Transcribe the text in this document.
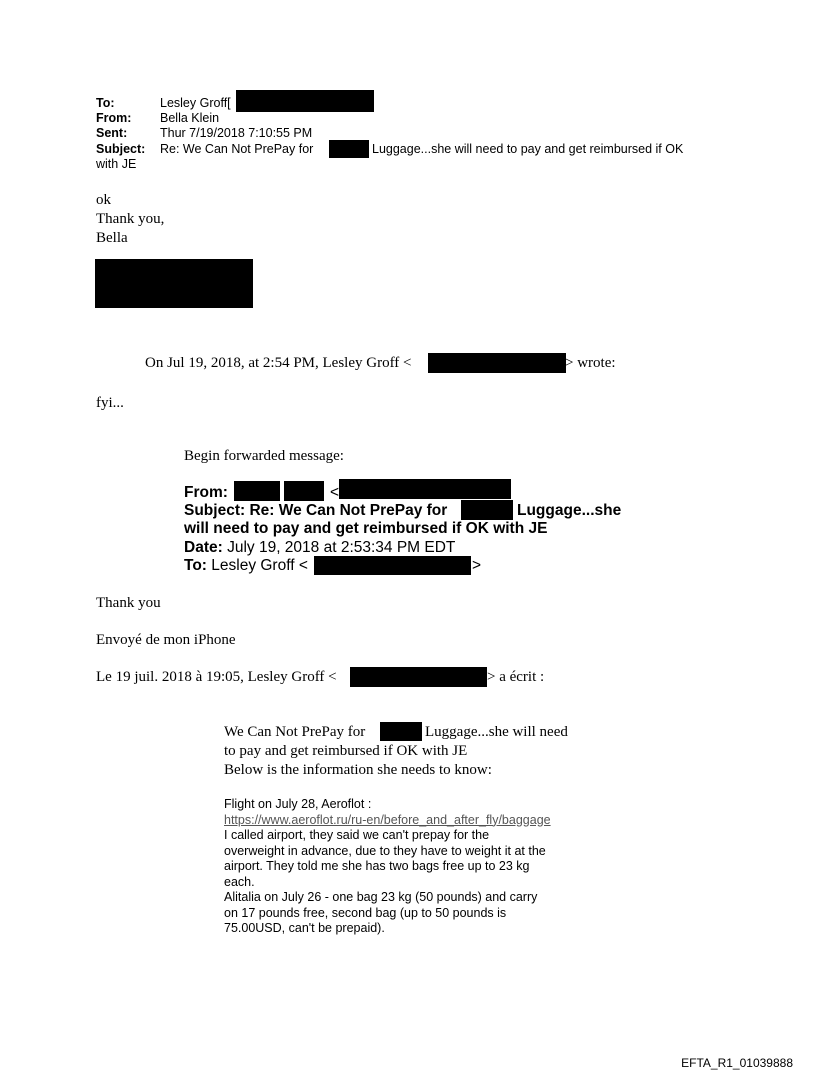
To:	Lesley Groff[
From: Bella Klein
Sent:	Thur 7/19/2018 7:10:55 PM
Subject: Re: We Can Not PrePay for	Luggage...she will need to pay and get reimbursed if OK
with JE
ok
Thank you,
Bella
On Jul 19, 2018, at 2:54 PM, Lesley Groff <	> wrote:
fyi...
Begin forwarded message:
From:	<
Subject: Re: We Can Not PrePay for	Luggage...she
will need to pay and get reimbursed if OK with JE
Date: July 19, 2018 at 2:53:34 PM EDT
To: Lesley Groff <	>
Thank you
Envoyé de mon iPhone
Le 19 juil. 2018 à 19:05, Lesley Groff <	> a écrit :
We Can Not PrePay for	Luggage...she will need
to pay and get reimbursed if OK with JE
Below is the information she needs to know:
Flight on July 28, Aeroflot :
https://www.aeroflot.ru/ru-en/before_and_after_fly/baggage
I called airport, they said we can't prepay for the
overweight in advance, due to they have to weight it at the
airport. They told me she has two bags free up to 23 kg
each.
Alitalia on July 26 - one bag 23 kg (50 pounds) and carry
on 17 pounds free, second bag (up to 50 pounds is
75.00USD, can't be prepaid).
EFTA_R1_01039888
